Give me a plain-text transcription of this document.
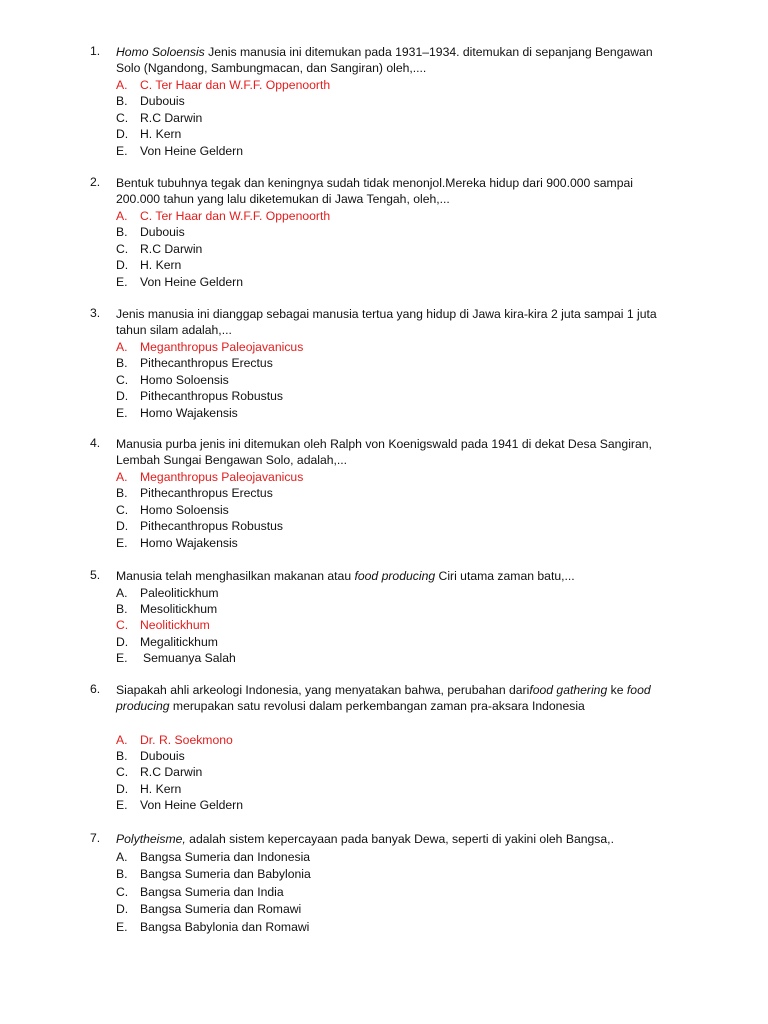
1.	Homo Soloensis Jenis manusia ini ditemukan pada 1931–1934. ditemukan di sepanjang Bengawan Solo (Ngandong, Sambungmacan, dan Sangiran) oleh,....
A. C. Ter Haar dan W.F.F. Oppenoorth
B. Dubouis
C. R.C Darwin
D. H. Kern
E. Von Heine Geldern
2.	Bentuk tubuhnya tegak dan keningnya sudah tidak menonjol.Mereka hidup dari 900.000 sampai 200.000 tahun yang lalu diketemukan di Jawa Tengah, oleh,...
A. C. Ter Haar dan W.F.F. Oppenoorth
B. Dubouis
C. R.C Darwin
D. H. Kern
E. Von Heine Geldern
3.	Jenis manusia ini dianggap sebagai manusia tertua yang hidup di Jawa kira-kira 2 juta sampai 1 juta tahun silam adalah,...
A. Meganthropus Paleojavanicus
B. Pithecanthropus Erectus
C. Homo Soloensis
D. Pithecanthropus Robustus
E. Homo Wajakensis
4.	Manusia purba jenis ini ditemukan oleh Ralph von Koenigswald pada 1941 di dekat Desa Sangiran, Lembah Sungai Bengawan Solo, adalah,...
A. Meganthropus Paleojavanicus
B. Pithecanthropus Erectus
C. Homo Soloensis
D. Pithecanthropus Robustus
E. Homo Wajakensis
5.	Manusia telah menghasilkan makanan atau food producing Ciri utama zaman batu,...
A. Paleolitickhum
B. Mesolitickhum
C. Neolitickhum
D. Megalitickhum
E. Semuanya Salah
6.	Siapakah ahli arkeologi Indonesia, yang menyatakan bahwa, perubahan darifood gathering ke food producing merupakan satu revolusi dalam perkembangan zaman pra-aksara Indonesia
A. Dr. R. Soekmono
B. Dubouis
C. R.C Darwin
D. H. Kern
E. Von Heine Geldern
7.	Polytheisme, adalah sistem kepercayaan pada banyak Dewa, seperti di yakini oleh Bangsa,.
A. Bangsa Sumeria dan Indonesia
B. Bangsa Sumeria dan Babylonia
C. Bangsa Sumeria dan India
D. Bangsa Sumeria dan Romawi
E. Bangsa Babylonia dan Romawi
